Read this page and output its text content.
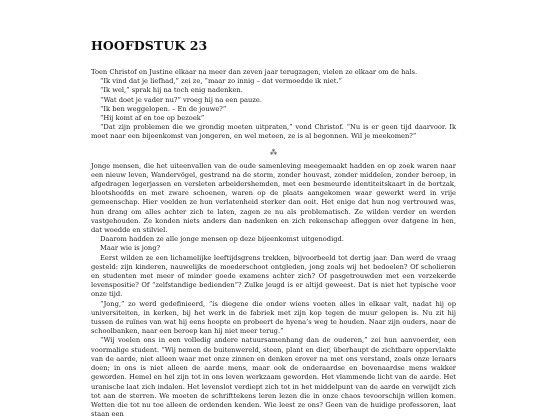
HOOFDSTUK 23

Toen Christof en Justine elkaar na meer dan zeven jaar terugzagen, vielen ze elkaar om de hals.

“Ik vind dat je liefhad,” zei ze, “maar zo innig – dat vermoedde ik niet.”

“Ik wel,” sprak hij na toch enig nadenken.

“Wat doet je vader nu?” vroeg hij na een pauze.

“Ik ben weggelopen. – En de jouwe?”

“Hij komt af en toe op bezoek”

“Dat zijn problemen die we grondig moeten uitpraten,” vond Christof. “Nu is er geen tijd daarvoor. Ik moet naar een bijeenkomst van jongeren, en wel meteen, ze is al begonnen. Wil je meekomen?”

⁂

Jonge mensen, die het uiteenvallen van de oude samenleving meegemaakt hadden en op zoek waren naar een nieuw leven, Wandervögel, gestrand na de storm, zonder houvast, zonder middelen, zonder beroep, in afgedragen legerjassen en versleten arbeidershemden, met een besmeurde identiteitskaart in de bortzak, blootshoofds en met zware schoenen, waren op de plaats aangekomen waar gewerkt werd in vrije gemeenschap. Hier voelden ze hun verlatenheid sterker dan ooit. Het enige dat hun nog vertrouwd was, hun drang om alles achter zich te laten, zagen ze nu als problematisch. Ze wilden verder en werden vastgehouden. Ze konden niets anders dan nadenken en zich rekenschap afleggen over datgene in hen, dat woedde en stilviel.

Daarom hadden ze alle jonge mensen op deze bijeenkomst uitgenodigd.

Maar wie is jong?

Eerst wilden ze een lichamelijke leeftijdsgrens trekken, bijvoorbeeld tot dertig jaar. Dan werd de vraag gesteld: zijn kinderen, nauwelijks de moederschoot ontgleden, jong zoals wij het bedoelen? Of scholieren en studenten met meer of minder goede examens achter zich? Of pasgetrouwden met een verzekerde levenspositie? Of “zelfstandige bedienden”? Zulke jeugd is er altijd geweest. Dat is niet het typische voor onze tijd.

“Jong,” zo werd gedefinieerd, “is diegene die onder wiens voeten alles in elkaar valt, nadat hij op universiteiten, in kerken, bij het werk in de fabriek met zijn kop tegen de muur gelopen is. Nu zit hij tussen de ruïnes van wat hij eens hoopte en probeert de hyena’s weg te houden. Naar zijn ouders, naar de schoolbanken, naar een beroep kan hij niet meer terug.”

“Wij voelen ons in een volledig andere natuursamenhang dan de ouderen,” zei hun aanvoerder, een voormalige student. “Wij nemen de buitenwereld, steen, plant en dier, überhaupt de zichtbare oppervlakte van de aarde, niet alleen waar met onze zinnen en denken erover na met ons verstand, zoals onze leraars doen; in ons is niet alleen de aarde mens, maar ook de onderaardse en bovenaardse mens wakker geworden. Hemel en hel zijn tot in ons leven werkzaam geworden. Het vlammende licht van de aarde. Het uranische laat zich indalen. Het levenslot verdiept zich tot in het middelpunt van de aarde en verwijdt zich tot aan de sterren. We moeten de schrifttekens leren lezen die in onze chaos tevoorschijn willen komen. Wetten die tot nu toe alleen de ordenden kenden. Wie leest ze ons? Geen van de huidige professoren, laat staan een
